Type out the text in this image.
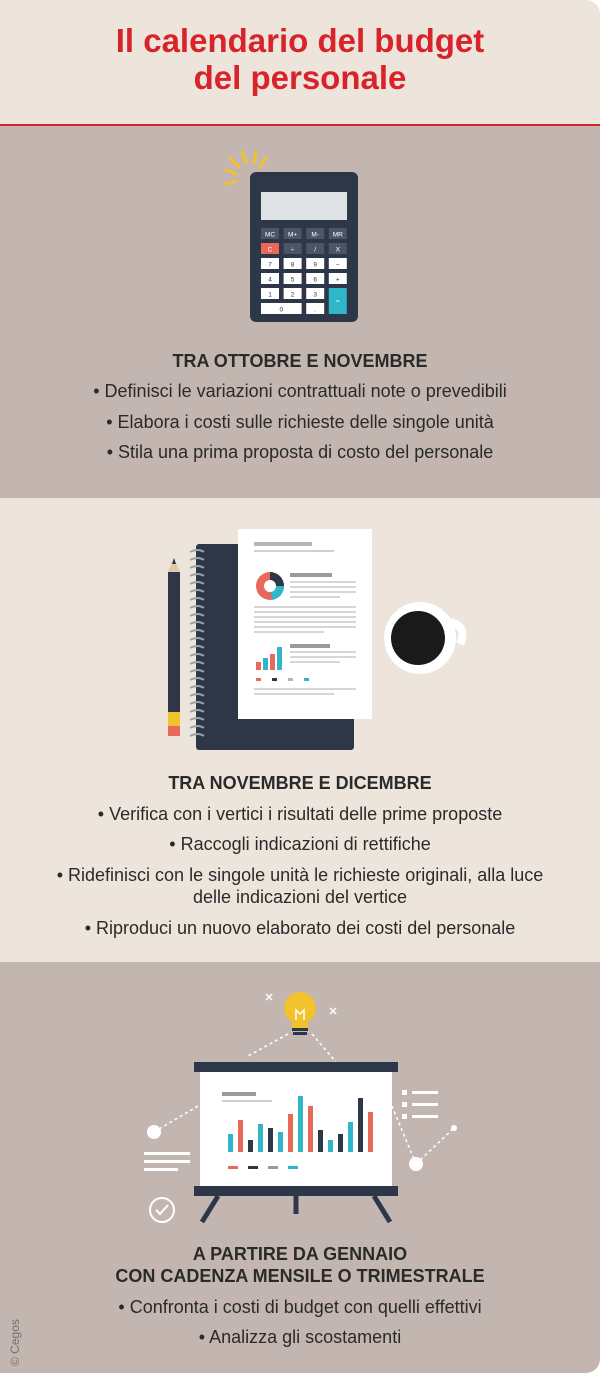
Il calendario del budget
del personale
MC M+ M- MR
C	÷	/	X
7	8	9	−
4	5	6	+
1	2	3
=
0	.
TRA OTTOBRE E NOVEMBRE
• Definisci le variazioni contrattuali note o prevedibili
• Elabora i costi sulle richieste delle singole unità
• Stila una prima proposta di costo del personale
TRA NOVEMBRE E DICEMBRE
• Verifica con i vertici i risultati delle prime proposte
• Raccogli indicazioni di rettifiche
• Ridefinisci con le singole unità le richieste originali, alla luce
delle indicazioni del vertice
• Riproduci un nuovo elaborato dei costi del personale
A PARTIRE DA GENNAIO
CON CADENZA MENSILE O TRIMESTRALE
• Confronta i costi di budget con quelli effettivi
• Analizza gli scostamenti
© Cegos
